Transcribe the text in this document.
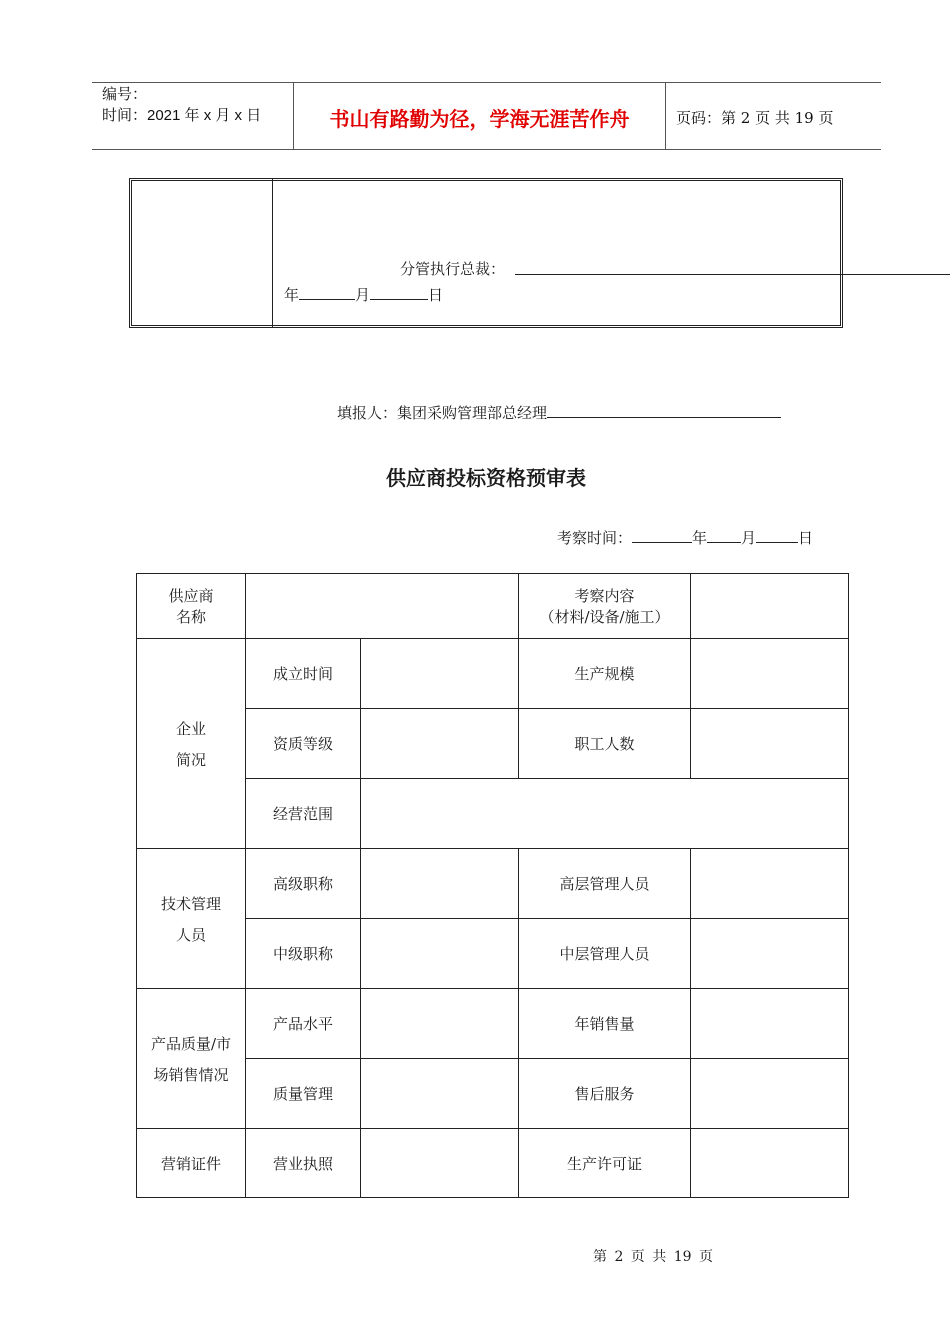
编号：
时间：2021 年 x 月 x 日	书山有路勤为径，学海无涯苦作舟	页码：第 2 页 共 19 页
分管执行总裁：
年	月	日
填报人：集团采购管理部总经理
供应商投标资格预审表
考察时间：	年 月	日
供应商
名称			考察内容
（材料/设备/施工）	
企业
简况	成立时间		生产规模	
	资质等级		职工人数	
	经营范围			
技术管理
人员	高级职称		高层管理人员	
	中级职称		中层管理人员	
产品质量/市
场销售情况	产品水平		年销售量	
	质量管理		售后服务	
营销证件	营业执照		生产许可证	
第 2 页 共 19 页
